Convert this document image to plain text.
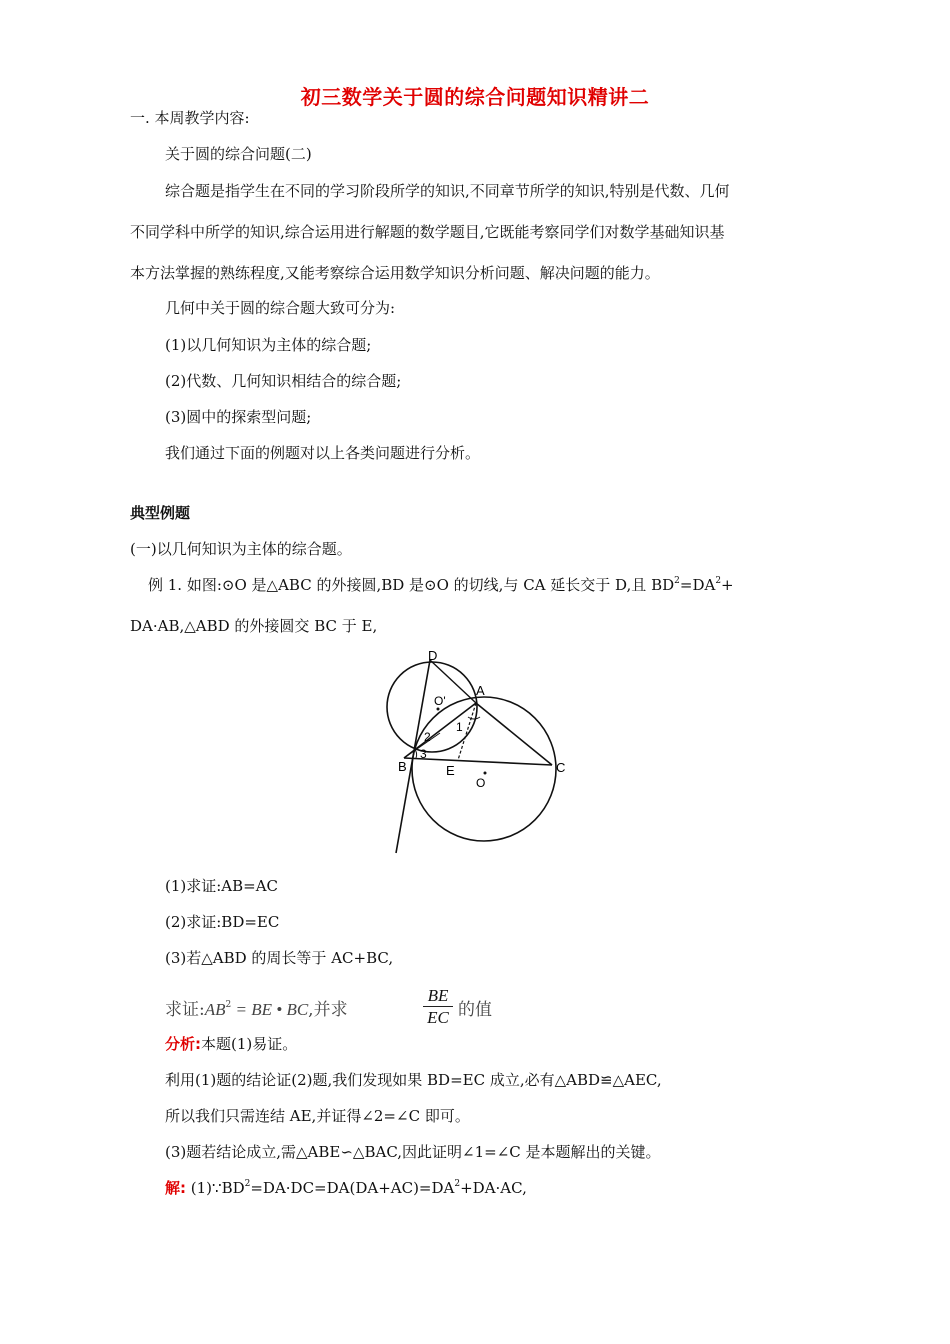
初三数学关于圆的综合问题知识精讲二
一. 本周教学内容:
关于圆的综合问题(二)
综合题是指学生在不同的学习阶段所学的知识,不同章节所学的知识,特别是代数、几何
不同学科中所学的知识,综合运用进行解题的数学题目,它既能考察同学们对数学基础知识基
本方法掌握的熟练程度,又能考察综合运用数学知识分析问题、解决问题的能力。
几何中关于圆的综合题大致可分为:
(1)以几何知识为主体的综合题;
(2)代数、几何知识相结合的综合题;
(3)圆中的探索型问题;
我们通过下面的例题对以上各类问题进行分析。
典型例题
(一)以几何知识为主体的综合题。
例 1. 如图:⊙O 是△ABC 的外接圆,BD 是⊙O 的切线,与 CA 延长交于 D,且 $BD^2=DA^2+$
DA·AB,△ABD 的外接圆交 BC 于 E,
D
A
B	C
E
O
O'
1
2
3
(1)求证:AB=AC
(2)求证:BD=EC
(3)若△ABD 的周长等于 AC+BC,
求证$:AB^2$ = BE • BC,并求	$\frac{BE}{EC}$ 的值
分析:本题(1)易证。
利用(1)题的结论证(2)题,我们发现如果 BD=EC 成立,必有△ABD≌△AEC,
所以我们只需连结 AE,并证得∠2=∠C 即可。
(3)题若结论成立,需△ABE∽△BAC,因此证明∠1=∠C 是本题解出的关键。
解: $(1)\because BD^2=DA\cdot DC=DA(DA+AC)=DA^2+DA\cdot AC$,
